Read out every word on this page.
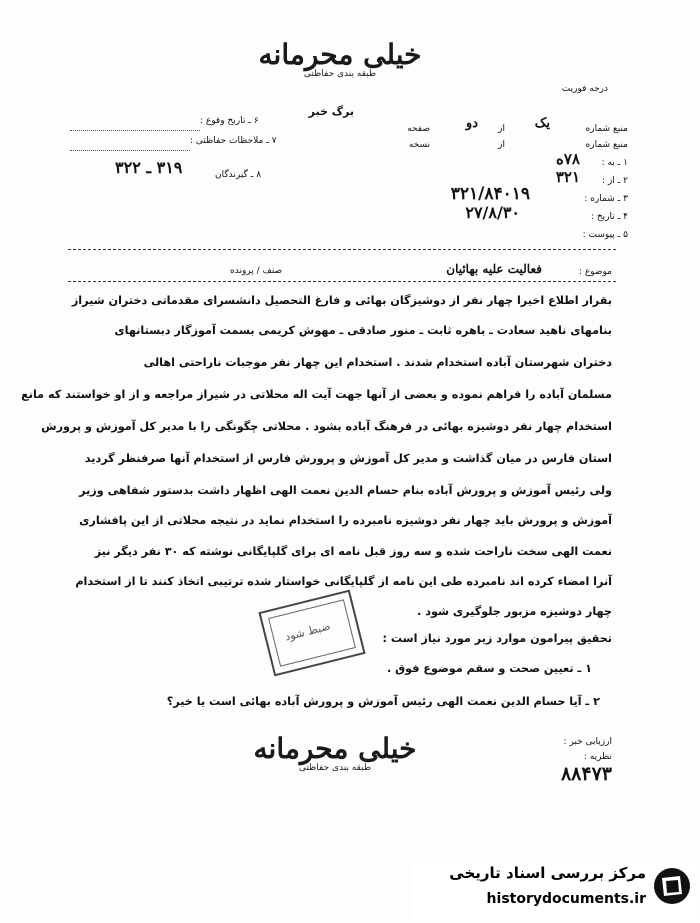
خیلی محرمانه
طبقه بندی حفاظتی
درجه فوریت
برگ خبر
منبع شماره
یک
از
دو
صفحه
منبع شماره
از
نسخه
۱ ـ به :
۷۸ه
۲ ـ از :
۳۲۱
۳ ـ شماره :
۳۲۱/۸۴۰۱۹
۴ ـ تاریخ :
۲۷/۸/۳۰
۵ ـ پیوست :
۶ ـ تاریخ وقوع :
۷ ـ ملاحظات حفاظتی :
۸ ـ گیرندگان
۳۱۹ ـ ۳۲۲
موضوع :
فعالیت علیه بهائیان
صنف / پرونده
بقرار اطلاع اخیرا چهار نفر از دوشیزگان بهائی و فارغ التحصیل دانشسرای مقدماتی دختران شیراز
بنامهای ناهید سعادت ـ باهره ثابت ـ منور صادقی ـ مهوش کریمی بسمت آموزگار دبستانهای
دختران شهرستان آباده استخدام شدند . استخدام این چهار نفر موجبات ناراحتی اهالی
مسلمان آباده را فراهم نموده و بعضی از آنها جهت آیت اله محلاتی در شیراز مراجعه و از او خواستند که مانع
استخدام چهار نفر دوشیزه بهائی در فرهنگ آباده بشود . محلاتی چگونگی را با مدیر کل آموزش و پرورش
استان فارس در میان گذاشت و مدیر کل آموزش و پرورش فارس از استخدام آنها صرفنظر گردید
ولی رئیس آموزش و پرورش آباده بنام حسام الدین نعمت الهی اظهار داشت بدستور شفاهی وزیر
آموزش و پرورش باید چهار نفر دوشیزه نامبرده را استخدام نماید در نتیجه محلاتی از این پافشاری
نعمت الهی سخت ناراحت شده و سه روز قبل نامه ای برای گلپایگانی نوشته که ۳۰ نفر دیگر نیز
آنرا امضاء کرده اند نامبرده طی این نامه از گلپایگانی خواستار شده ترتیبی اتخاذ کنند تا از استخدام
چهار دوشیزه مزبور جلوگیری شود .
تحقیق پیرامون موارد زیر مورد نیاز است :
۱ ـ تعیین صحت و سقم موضوع فوق .
۲ ـ آیا حسام الدین نعمت الهی رئیس آموزش و پرورش آباده بهائی است یا خیر؟
ضبط شود
خیلی محرمانه
طبقه بندی حفاظتی
ارزیابی خبر :
نظریه :
۸۸۴۷۳
مرکز بررسی اسناد تاریخی
historydocuments.ir
